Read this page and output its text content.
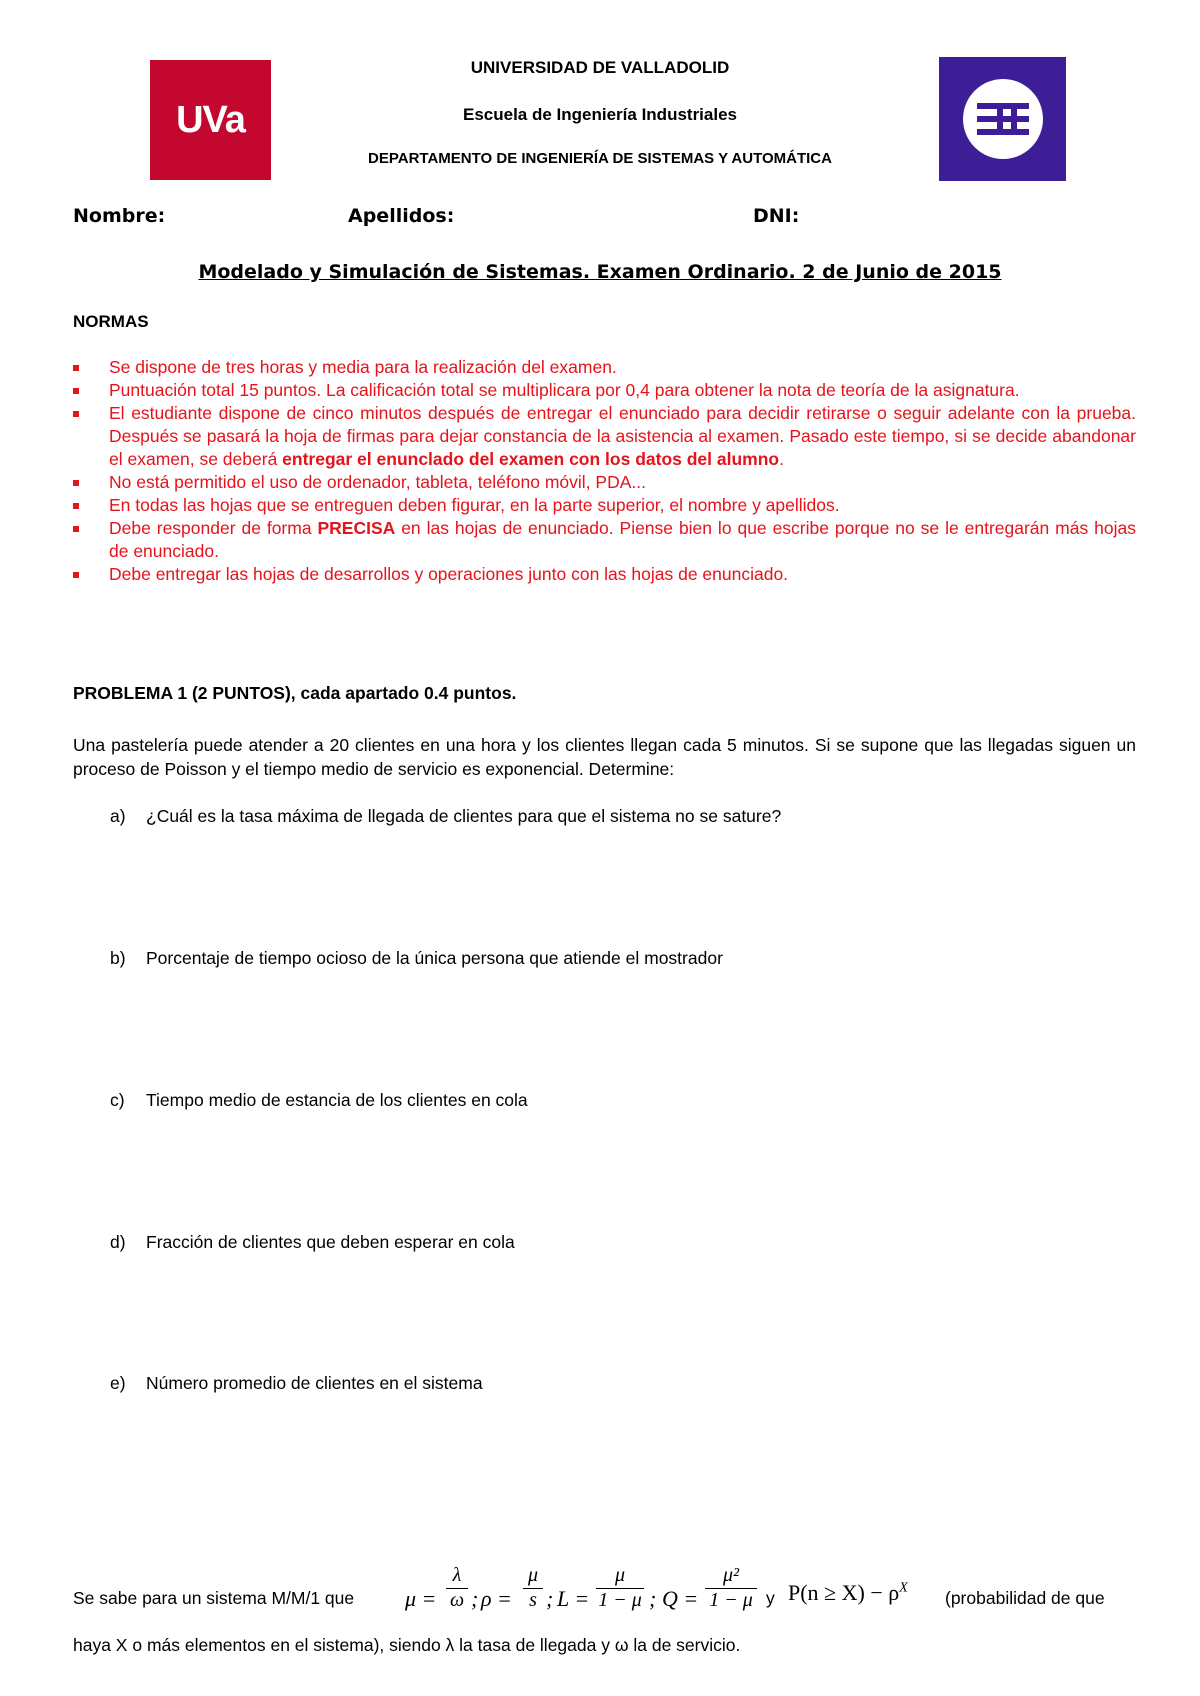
UVa
UNIVERSIDAD DE VALLADOLID
Escuela de Ingeniería Industriales
DEPARTAMENTO DE INGENIERÍA DE SISTEMAS Y AUTOMÁTICA
Nombre:	Apellidos:	DNI:
Modelado y Simulación de Sistemas. Examen Ordinario. 2 de Junio de 2015
NORMAS
Se dispone de tres horas y media para la realización del examen.
Puntuación total 15 puntos. La calificación total se multiplicara por 0,4 para obtener la nota de teoría de la asignatura.
El estudiante dispone de cinco minutos después de entregar el enunciado para decidir retirarse o seguir adelante con la prueba. Después se pasará la hoja de firmas para dejar constancia de la asistencia al examen. Pasado este tiempo, si se decide abandonar el examen, se deberá entregar el enunclado del examen con los datos del alumno.
No está permitido el uso de ordenador, tableta, teléfono móvil, PDA...
En todas las hojas que se entreguen deben figurar, en la parte superior, el nombre y apellidos.
Debe responder de forma PRECISA en las hojas de enunciado. Piense bien lo que escribe porque no se le entregarán más hojas de enunciado.
Debe entregar las hojas de desarrollos y operaciones junto con las hojas de enunciado.
PROBLEMA 1 (2 PUNTOS), cada apartado 0.4 puntos.
Una pastelería puede atender a 20 clientes en una hora y los clientes llegan cada 5 minutos. Si se supone que las llegadas siguen un proceso de Poisson y el tiempo medio de servicio es exponencial. Determine:
a) ¿Cuál es la tasa máxima de llegada de clientes para que el sistema no se sature?
b) Porcentaje de tiempo ocioso de la única persona que atiende el mostrador
c) Tiempo medio de estancia de los clientes en cola
d) Fracción de clientes que deben esperar en cola
e) Número promedio de clientes en el sistema
Se sabe para un sistema M/M/1 que μ =
λ
ω ; ρ =
μ
s ; L =
μ
1 − μ ; Q =
μ²
1 − μ y $P(n \ge X) - \rho^X$ (probabilidad de que
haya X o más elementos en el sistema), siendo λ la tasa de llegada y ω la de servicio.
